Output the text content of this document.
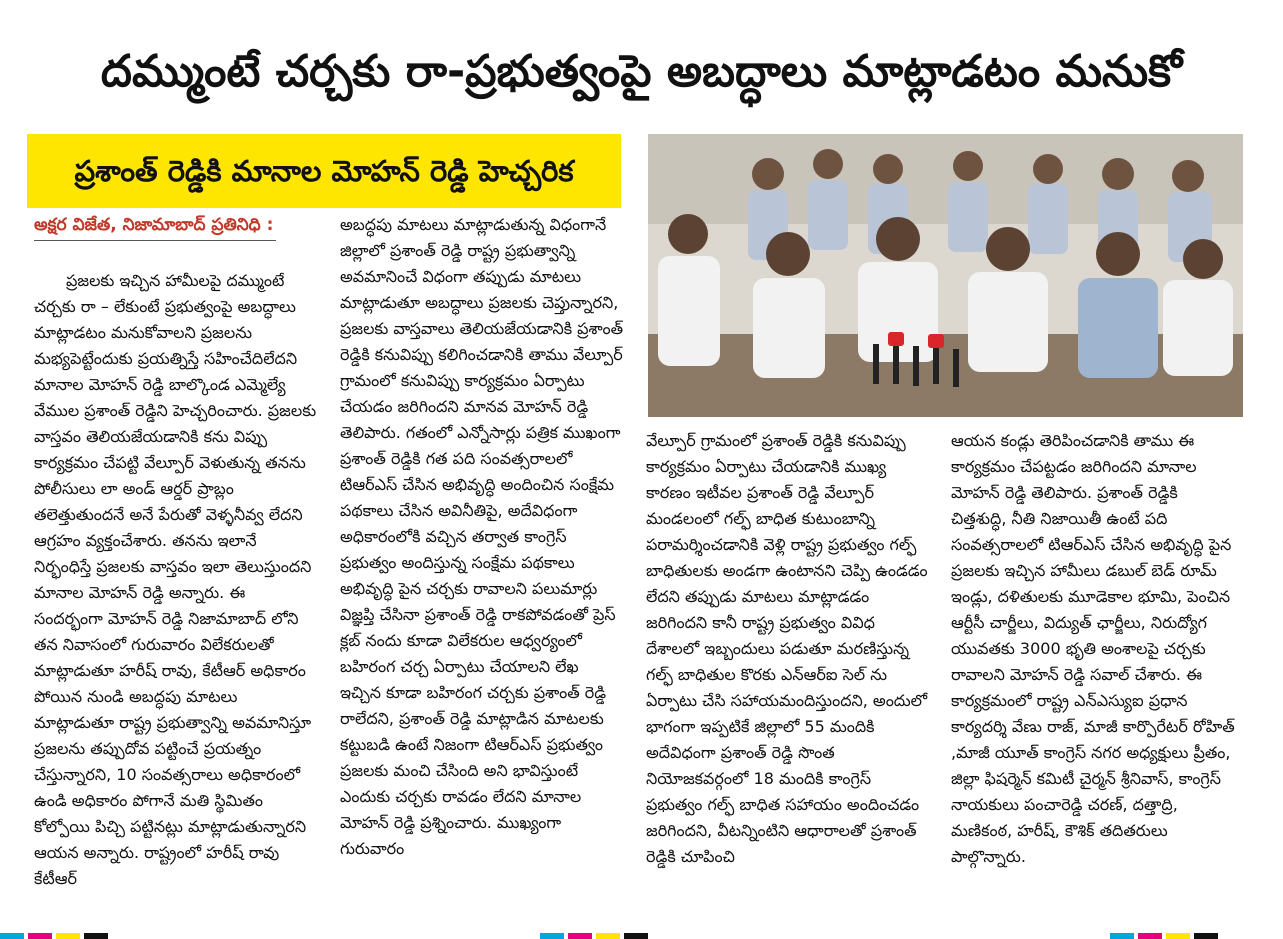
దమ్ముంటే చర్చకు రా-ప్రభుత్వంపై అబద్ధాలు మాట్లాడటం మనుకో
ప్రశాంత్ రెడ్డికి మానాల మోహన్ రెడ్డి హెచ్చరిక
అక్షర విజేత, నిజామాబాద్ ప్రతినిధి :

ప్రజలకు ఇచ్చిన హామీలపై దమ్ముంటే చర్చకు రా – లేకుంటే ప్రభుత్వంపై అబద్ధాలు మాట్లాడటం మనుకోవాలని ప్రజలను మభ్యపెట్టేందుకు ప్రయత్నిస్తే సహించేదిలేదని మానాల మోహన్ రెడ్డి బాల్కొండ ఎమ్మెల్యే వేముల ప్రశాంత్ రెడ్డిని హెచ్చరించారు. ప్రజలకు వాస్తవం తెలియజేయడానికి కను విప్పు కార్యక్రమం చేపట్టి వేల్పూర్ వెళుతున్న తనను పోలీసులు లా అండ్ ఆర్డర్ ప్రాబ్లం తలెత్తుతుందనే అనే పేరుతో వెళ్ళనీవ్వ లేదని ఆగ్రహం వ్యక్తంచేశారు. తనను ఇలానే నిర్భంధిస్తే ప్రజలకు వాస్తవం ఇలా తెలుస్తుందని మానాల మోహన్ రెడ్డి అన్నారు. ఈ సందర్భంగా మోహన్ రెడ్డి నిజామాబాద్ లోని తన నివాసంలో గురువారం విలేకరులతో మాట్లాడుతూ హరీష్ రావు, కేటీఆర్ అధికారం పోయిన నుండి అబద్ధపు మాటలు మాట్లాడుతూ రాష్ట్ర ప్రభుత్వాన్ని అవమానిస్తూ ప్రజలను తప్పుదోవ పట్టించే ప్రయత్నం చేస్తున్నారని, 10 సంవత్సరాలు అధికారంలో ఉండి అధికారం పోగానే మతి స్థిమితం కోల్పోయి పిచ్చి పట్టినట్లు మాట్లాడుతున్నారని ఆయన అన్నారు. రాష్ట్రంలో హరీష్ రావు కేటీఆర్

అబద్ధపు మాటలు మాట్లాడుతున్న విధంగానే జిల్లాలో ప్రశాంత్ రెడ్డి రాష్ట్ర ప్రభుత్వాన్ని అవమానించే విధంగా తప్పుడు మాటలు మాట్లాడుతూ అబద్ధాలు ప్రజలకు చెప్తున్నారని, ప్రజలకు వాస్తవాలు తెలియజేయడానికి ప్రశాంత్ రెడ్డికి కనువిప్పు కలిగించడానికి తాము వేల్పూర్ గ్రామంలో కనువిప్పు కార్యక్రమం ఏర్పాటు చేయడం జరిగిందని మానవ మోహన్ రెడ్డి తెలిపారు. గతంలో ఎన్నోసార్లు పత్రిక ముఖంగా ప్రశాంత్ రెడ్డికి గత పది సంవత్సరాలలో టిఆర్ఎస్ చేసిన అభివృద్ధి అందించిన సంక్షేమ పథకాలు చేసిన అవినీతిపై, అదేవిధంగా అధికారంలోకి వచ్చిన తర్వాత కాంగ్రెస్ ప్రభుత్వం అందిస్తున్న సంక్షేమ పథకాలు అభివృద్ధి పైన చర్చకు రావాలని పలుమార్లు విజ్ఞప్తి చేసినా ప్రశాంత్ రెడ్డి రాకపోవడంతో ప్రెస్ క్లబ్ నందు కూడా విలేకరుల ఆధ్వర్యంలో బహిరంగ చర్చ ఏర్పాటు చేయాలని లేఖ ఇచ్చిన కూడా బహిరంగ చర్చకు ప్రశాంత్ రెడ్డి రాలేదని, ప్రశాంత్ రెడ్డి మాట్లాడిన మాటలకు కట్టుబడి ఉంటే నిజంగా టిఆర్ఎస్ ప్రభుత్వం ప్రజలకు మంచి చేసింది అని భావిస్తుంటే ఎందుకు చర్చకు రావడం లేదని మానాల మోహన్ రెడ్డి ప్రశ్నించారు. ముఖ్యంగా గురువారం

వేల్పూర్ గ్రామంలో ప్రశాంత్ రెడ్డికి కనువిప్పు కార్యక్రమం ఏర్పాటు చేయడానికి ముఖ్య కారణం ఇటీవల ప్రశాంత్ రెడ్డి వేల్పూర్ మండలంలో గల్ఫ్ బాధిత కుటుంబాన్ని పరామర్శించడానికి వెళ్లి రాష్ట్ర ప్రభుత్వం గల్ఫ్ బాధితులకు అండగా ఉంటానని చెప్పి ఉండడం లేదని తప్పుడు మాటలు మాట్లాడడం జరిగిందని కానీ రాష్ట్ర ప్రభుత్వం వివిధ దేశాలలో ఇబ్బందులు పడుతూ మరణిస్తున్న గల్ఫ్ బాధితుల కొరకు ఎన్ఆర్ఐ సెల్ ను ఏర్పాటు చేసి సహాయమందిస్తుందని, అందులో భాగంగా ఇప్పటికే జిల్లాలో 55 మందికి అదేవిధంగా ప్రశాంత్ రెడ్డి సొంత నియోజకవర్గంలో 18 మందికి కాంగ్రెస్ ప్రభుత్వం గల్ఫ్ బాధిత సహాయం అందించడం జరిగిందని, వీటన్నింటిని ఆధారాలతో ప్రశాంత్ రెడ్డికి చూపించి

ఆయన కండ్లు తెరిపించడానికి తాము ఈ కార్యక్రమం చేపట్టడం జరిగిందని మానాల మోహన్ రెడ్డి తెలిపారు. ప్రశాంత్ రెడ్డికి చిత్తశుద్ధి, నీతి నిజాయితీ ఉంటే పది సంవత్సరాలలో టిఆర్ఎస్ చేసిన అభివృద్ధి పైన ప్రజలకు ఇచ్చిన హామీలు డబుల్ బెడ్ రూమ్ ఇండ్లు, దళితులకు మూడెకాల భూమి, పెంచిన ఆర్టీసీ చార్జీలు, విద్యుత్ ఛార్జీలు, నిరుద్యోగ యువతకు 3000 భృతి అంశాలపై చర్చకు రావాలని మోహన్ రెడ్డి సవాల్ చేశారు. ఈ కార్యక్రమంలో రాష్ట్ర ఎన్ఎస్యుఐ ప్రధాన కార్యదర్శి వేణు రాజ్, మాజీ కార్పొరేటర్ రోహిత్ ,మాజీ యూత్ కాంగ్రెస్ నగర అధ్యక్షులు ప్రీతం, జిల్లా ఫిషర్మెన్ కమిటీ చైర్మన్ శ్రీనివాస్, కాంగ్రెస్ నాయకులు పంచారెడ్డి చరణ్, దత్తాద్రి, మణికంఠ, హరీష్, కౌశిక్ తదితరులు పాల్గొన్నారు.
